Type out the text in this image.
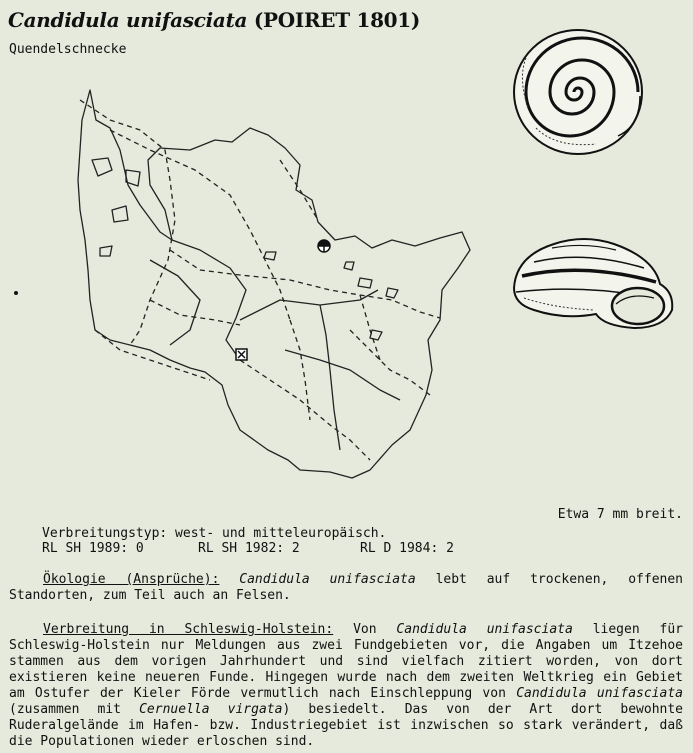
Candidula unifasciata (POIRET 1801)
Quendelschnecke
Etwa 7 mm breit.
Verbreitungstyp: west- und mitteleuropäisch.
RL SH 1989: 0	RL SH 1982: 2	RL D 1984: 2
Ökologie (Ansprüche): Candidula unifasciata lebt auf trockenen, offenen Standorten, zum Teil auch an Felsen.
Verbreitung in Schleswig-Holstein: Von Candidula unifasciata liegen für Schleswig-Holstein nur Meldungen aus zwei Fundgebieten vor, die Angaben um Itzehoe stammen aus dem vorigen Jahrhundert und sind vielfach zitiert worden, von dort existieren keine neueren Funde. Hingegen wurde nach dem zweiten Weltkrieg ein Gebiet am Ostufer der Kieler Förde vermutlich nach Einschleppung von Candidula unifasciata (zusammen mit Cernuella virgata) besiedelt. Das von der Art dort bewohnte Ruderalgelände im Hafen- bzw. Industriegebiet ist inzwischen so stark verändert, daß die Populationen wieder erloschen sind.
